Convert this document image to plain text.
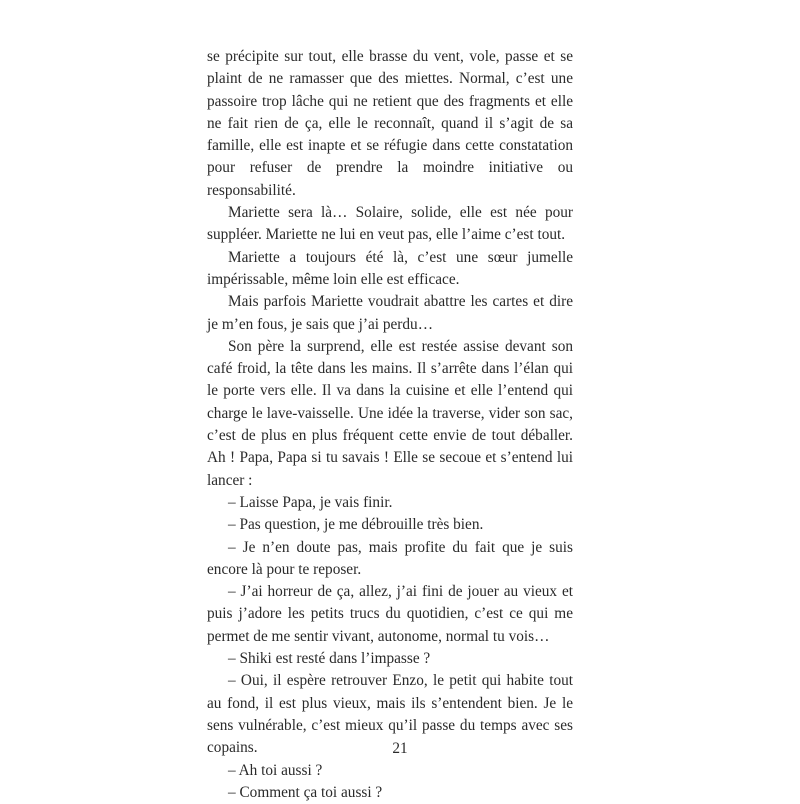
se précipite sur tout, elle brasse du vent, vole, passe et se plaint de ne ramasser que des miettes. Normal, c’est une passoire trop lâche qui ne retient que des fragments et elle ne fait rien de ça, elle le reconnaît, quand il s’agit de sa famille, elle est inapte et se réfugie dans cette constatation pour refuser de prendre la moindre initiative ou responsabilité.

Mariette sera là… Solaire, solide, elle est née pour suppléer. Mariette ne lui en veut pas, elle l’aime c’est tout.

Mariette a toujours été là, c’est une sœur jumelle impérissable, même loin elle est efficace.

Mais parfois Mariette voudrait abattre les cartes et dire je m’en fous, je sais que j’ai perdu…

Son père la surprend, elle est restée assise devant son café froid, la tête dans les mains. Il s’arrête dans l’élan qui le porte vers elle. Il va dans la cuisine et elle l’entend qui charge le lave-vaisselle. Une idée la traverse, vider son sac, c’est de plus en plus fréquent cette envie de tout déballer. Ah ! Papa, Papa si tu savais ! Elle se secoue et s’entend lui lancer :

– Laisse Papa, je vais finir.

– Pas question, je me débrouille très bien.

– Je n’en doute pas, mais profite du fait que je suis encore là pour te reposer.

– J’ai horreur de ça, allez, j’ai fini de jouer au vieux et puis j’adore les petits trucs du quotidien, c’est ce qui me permet de me sentir vivant, autonome, normal tu vois…

– Shiki est resté dans l’impasse ?

– Oui, il espère retrouver Enzo, le petit qui habite tout au fond, il est plus vieux, mais ils s’entendent bien. Je le sens vulnérable, c’est mieux qu’il passe du temps avec ses copains.

– Ah toi aussi ?

– Comment ça toi aussi ?

21
